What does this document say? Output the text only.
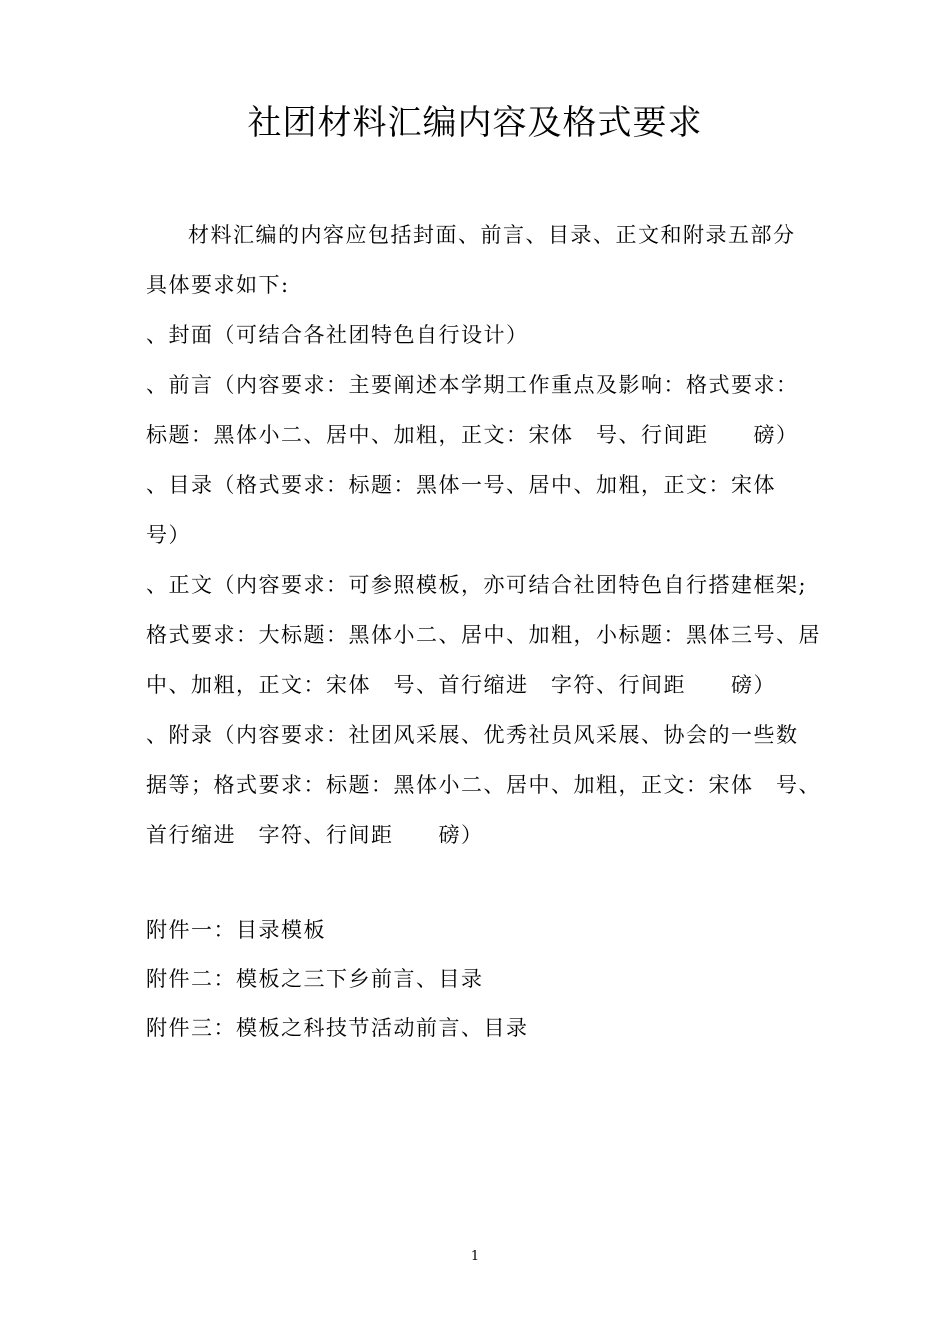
社团材料汇编内容及格式要求
材料汇编的内容应包括封面、前言、目录、正文和附录五部分
具体要求如下:
、封面（可结合各社团特色自行设计）
、前言（内容要求：主要阐述本学期工作重点及影响：格式要求：
标题：黑体小二、居中、加粗，正文：宋体　号、行间距　　磅）
、目录（格式要求：标题：黑体一号、居中、加粗，正文：宋体
号）
、正文（内容要求：可参照模板，亦可结合社团特色自行搭建框架;
格式要求：大标题：黑体小二、居中、加粗，小标题：黑体三号、居
中、加粗，正文：宋体　号、首行缩进　字符、行间距　　磅）
、附录（内容要求：社团风采展、优秀社员风采展、协会的一些数
据等；格式要求：标题：黑体小二、居中、加粗，正文：宋体　号、
首行缩进　字符、行间距　　磅）
附件一：目录模板
附件二：模板之三下乡前言、目录
附件三：模板之科技节活动前言、目录
1
